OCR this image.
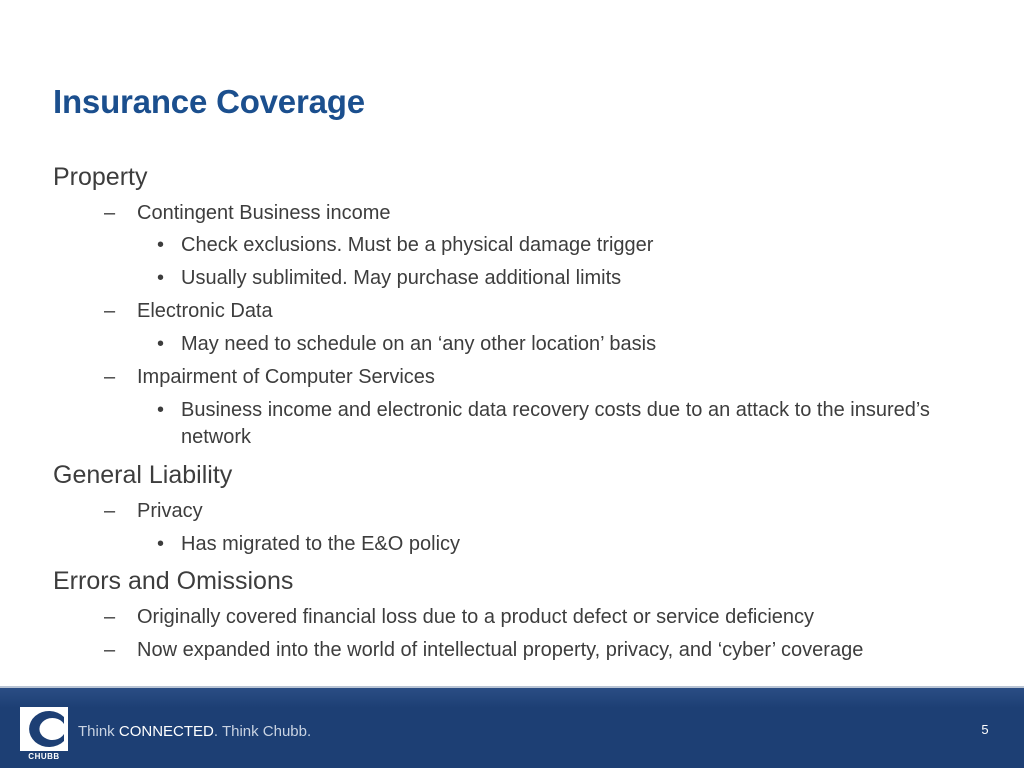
Insurance Coverage
Property
– Contingent Business income
• Check exclusions. Must be a physical damage trigger
• Usually sublimited. May purchase additional limits
– Electronic Data
• May need to schedule on an ‘any other location’ basis
– Impairment of Computer Services
• Business income and electronic data recovery costs due to an attack to the insured’s network
General Liability
– Privacy
• Has migrated to the E&O policy
Errors and Omissions
– Originally covered financial loss due to a product defect or service deficiency
– Now expanded into the world of intellectual property, privacy, and ‘cyber’ coverage
CHUBB
Think CONNECTED. Think Chubb.	5
